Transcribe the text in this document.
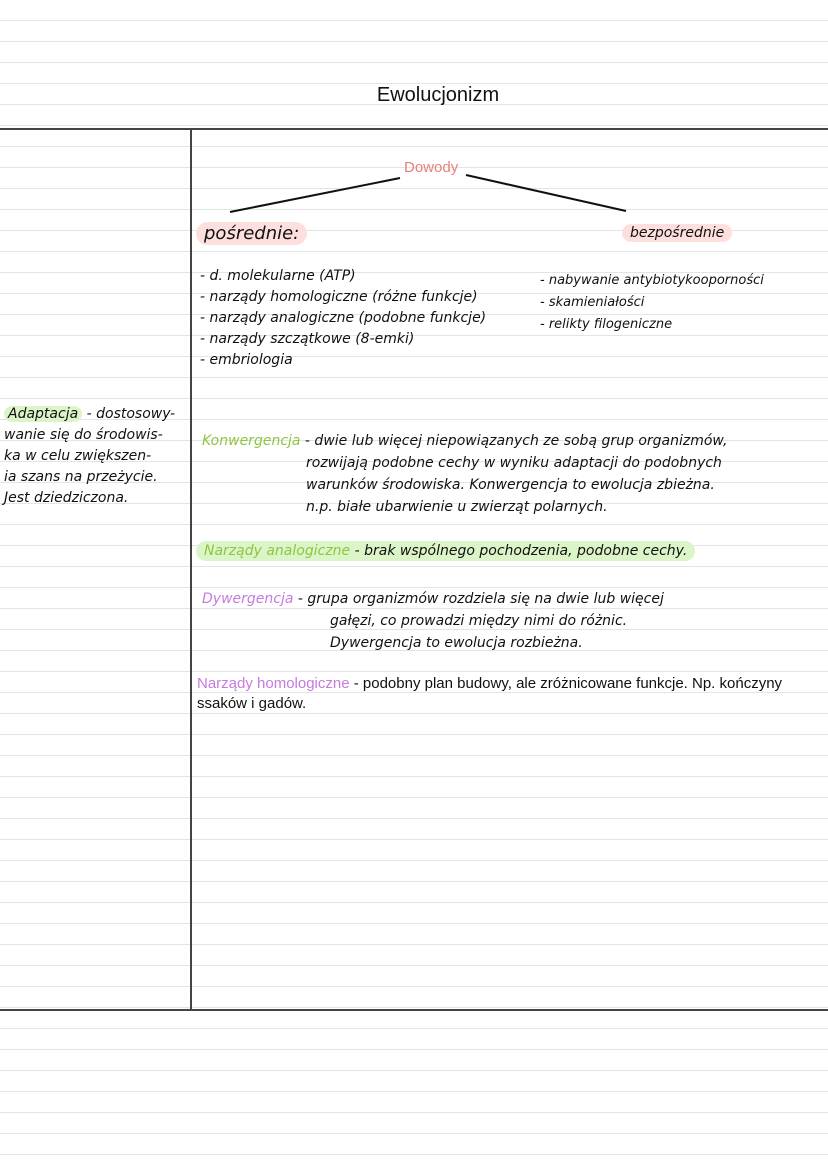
Ewolucjonizm
Dowody
pośrednie:	bezpośrednie
- d. molekularne (ATP)
- narządy homologiczne (różne funkcje)
- narządy analogiczne (podobne funkcje)
- narządy szczątkowe (8-emki)
- embriologia
- nabywanie antybiotykooporności
- skamieniałości
- relikty filogeniczne
Adaptacja - dostosowy-
wanie się do środowis-
ka w celu zwiększen-
ia szans na przeżycie.
Jest dziedziczona.
Konwergencja - dwie lub więcej niepowiązanych ze sobą grup organizmów,
rozwijają podobne cechy w wyniku adaptacji do podobnych
warunków środowiska. Konwergencja to ewolucja zbieżna.
n.p. białe ubarwienie u zwierząt polarnych.
Narządy analogiczne - brak wspólnego pochodzenia, podobne cechy.
Dywergencja - grupa organizmów rozdziela się na dwie lub więcej
gałęzi, co prowadzi między nimi do różnic.
Dywergencja to ewolucja rozbieżna.
Narządy homologiczne - podobny plan budowy, ale zróżnicowane funkcje. Np. kończyny ssaków i gadów.
